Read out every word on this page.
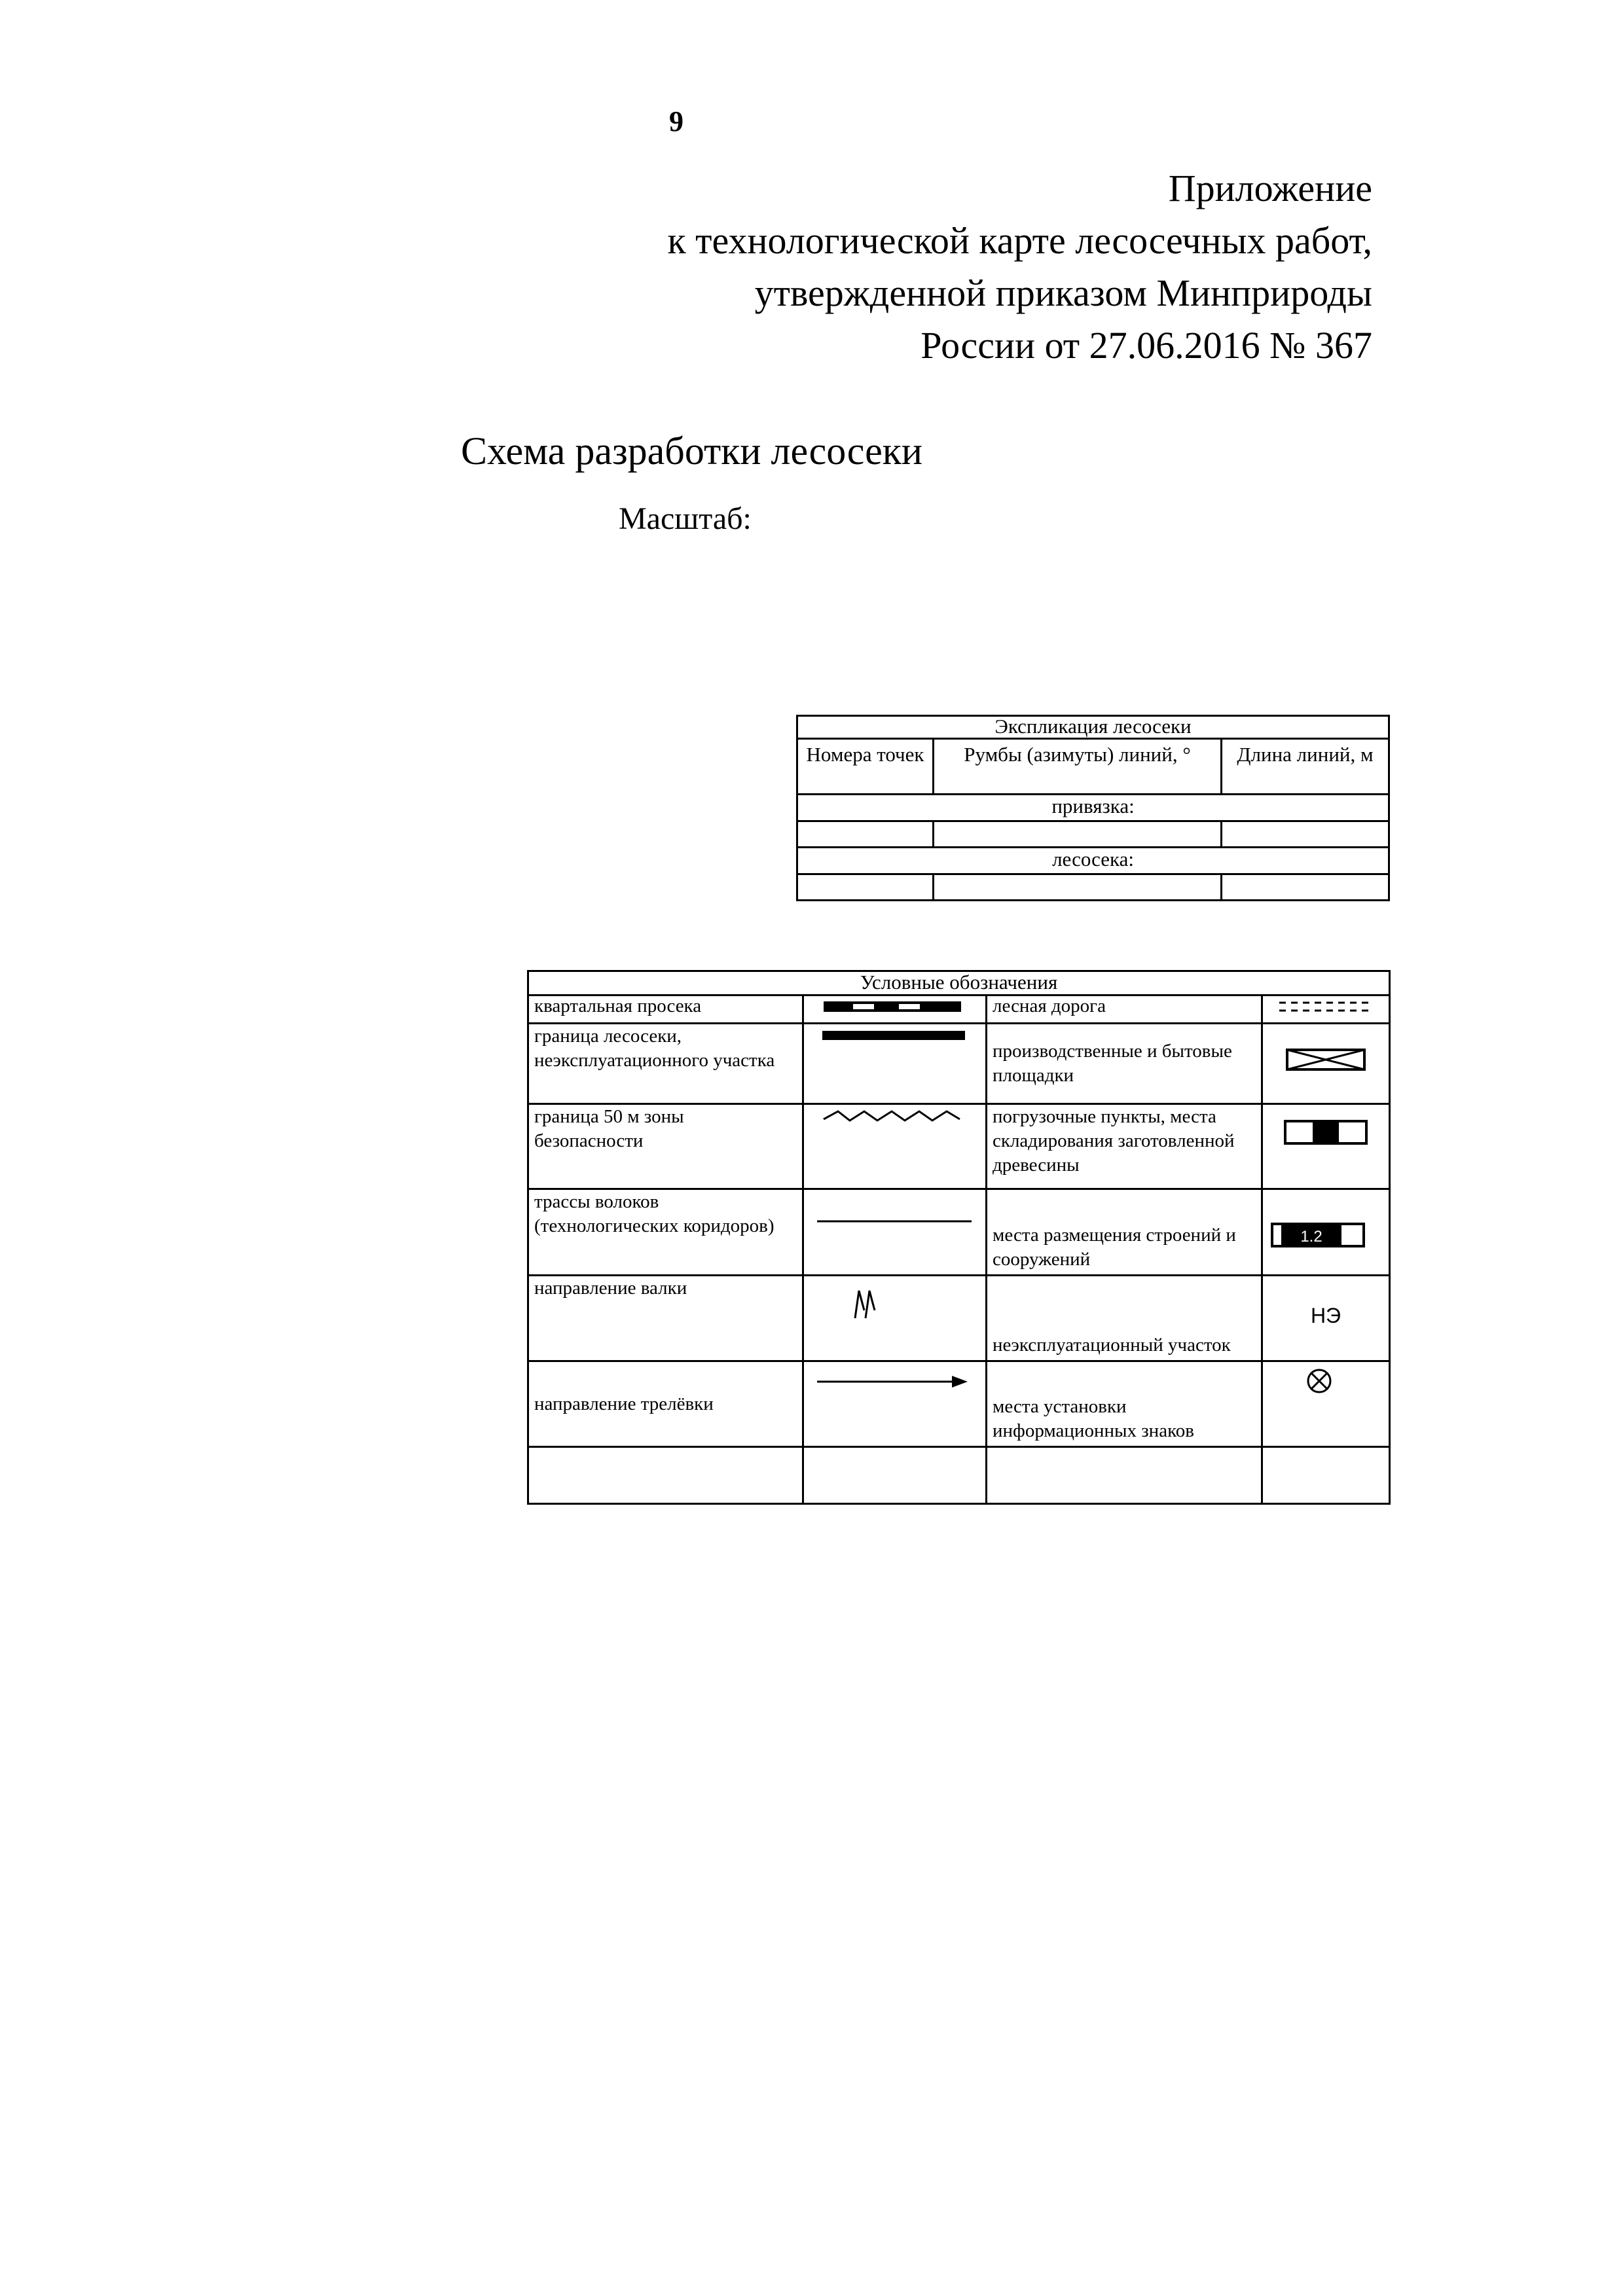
9
Приложение
к технологической карте лесосечных работ,
утвержденной приказом Минприроды
России от 27.06.2016 № 367
Схема разработки лесосеки
Масштаб:
Экспликация лесосеки		
Номера точек	Румбы (азимуты) линий, °	Длина линий, м
привязка:		

лесосека:		

Условные обозначения			
квартальная просека		лесная дорога	
граница лесосеки, неэксплуатационного участка		производственные и бытовые площадки	
граница 50 м зоны безопасности		погрузочные пункты, места складирования заготовленной древесины	
трассы волоков (технологических коридоров)		места размещения строений и сооружений	1.2

направление валки		неэксплуатационный участок	НЭ
направление трелёвки		места установки информационных знаков	
